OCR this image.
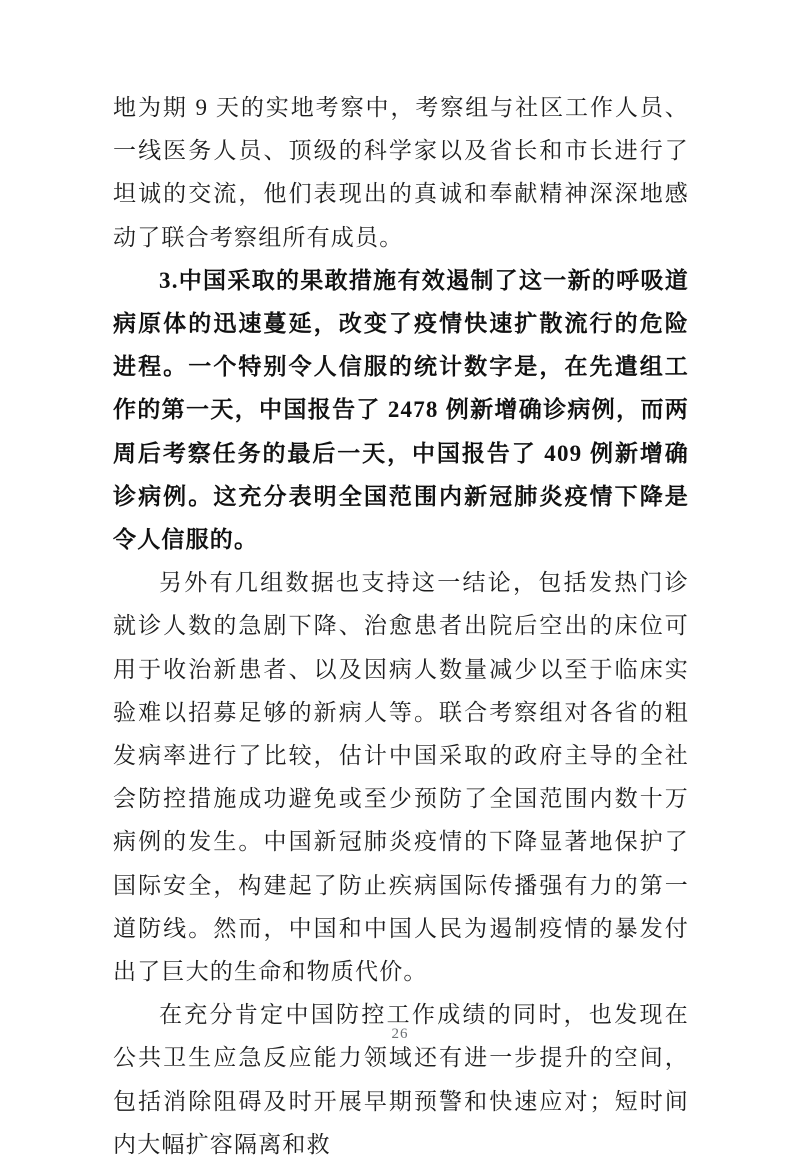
地为期 9 天的实地考察中，考察组与社区工作人员、一线医务人员、顶级的科学家以及省长和市长进行了坦诚的交流，他们表现出的真诚和奉献精神深深地感动了联合考察组所有成员。

3.中国采取的果敢措施有效遏制了这一新的呼吸道病原体的迅速蔓延，改变了疫情快速扩散流行的危险进程。一个特别令人信服的统计数字是，在先遣组工作的第一天，中国报告了 2478 例新增确诊病例，而两周后考察任务的最后一天，中国报告了 409 例新增确诊病例。这充分表明全国范围内新冠肺炎疫情下降是令人信服的。

另外有几组数据也支持这一结论，包括发热门诊就诊人数的急剧下降、治愈患者出院后空出的床位可用于收治新患者、以及因病人数量减少以至于临床实验难以招募足够的新病人等。联合考察组对各省的粗发病率进行了比较，估计中国采取的政府主导的全社会防控措施成功避免或至少预防了全国范围内数十万病例的发生。中国新冠肺炎疫情的下降显著地保护了国际安全，构建起了防止疾病国际传播强有力的第一道防线。然而，中国和中国人民为遏制疫情的暴发付出了巨大的生命和物质代价。

在充分肯定中国防控工作成绩的同时，也发现在公共卫生应急反应能力领域还有进一步提升的空间，包括消除阻碍及时开展早期预警和快速应对；短时间内大幅扩容隔离和救

26
